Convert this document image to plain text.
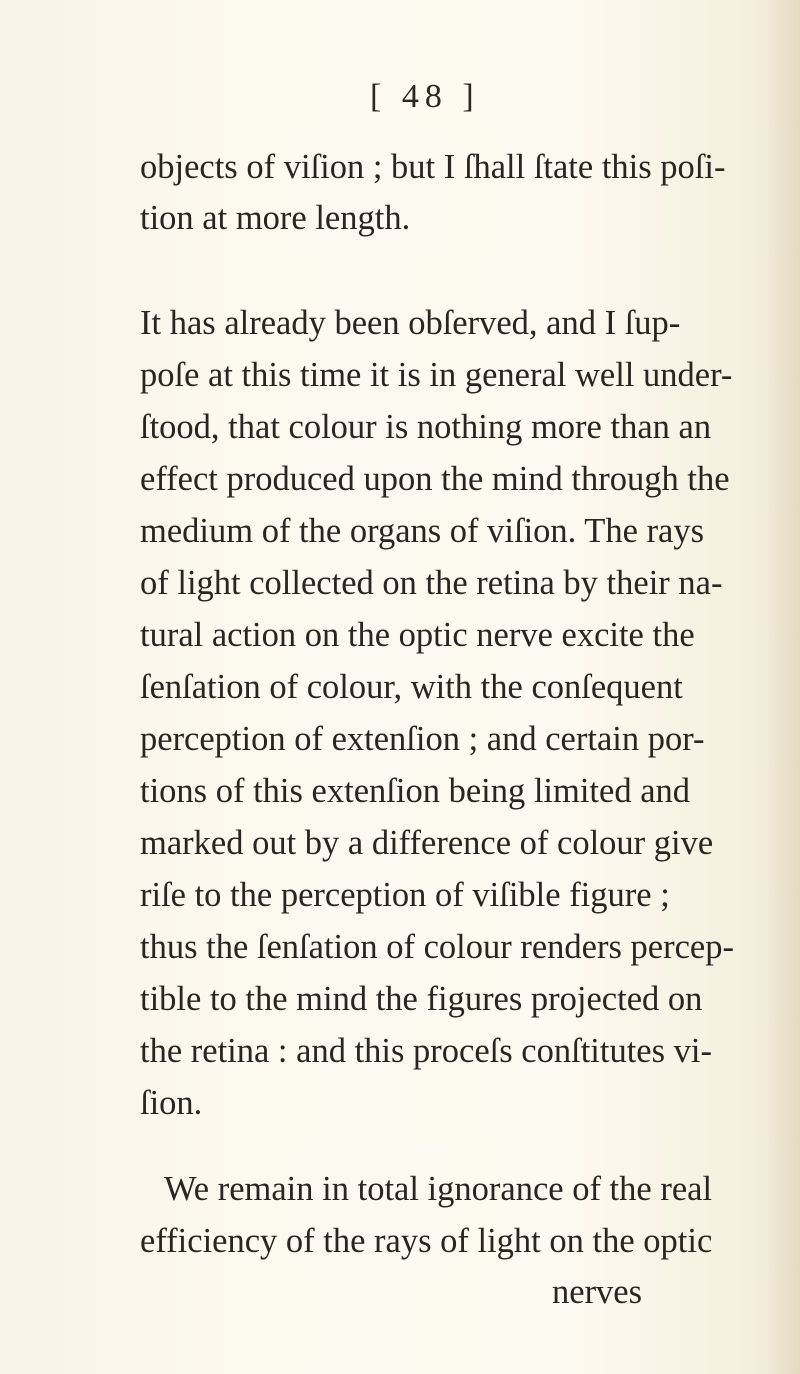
[ 48 ]
objects of viſion ; but I ſhall ſtate this poſi-
tion at more length.
It has already been obſerved, and I ſup-
poſe at this time it is in general well under-
ſtood, that colour is nothing more than an
effect produced upon the mind through the
medium of the organs of viſion. The rays
of light collected on the retina by their na-
tural action on the optic nerve excite the
ſenſation of colour, with the conſequent
perception of extenſion ; and certain por-
tions of this extenſion being limited and
marked out by a difference of colour give
riſe to the perception of viſible figure ;
thus the ſenſation of colour renders percep-
tible to the mind the figures projected on
the retina : and this proceſs conſtitutes vi-
ſion.
We remain in total ignorance of the real
efficiency of the rays of light on the optic
nerves
